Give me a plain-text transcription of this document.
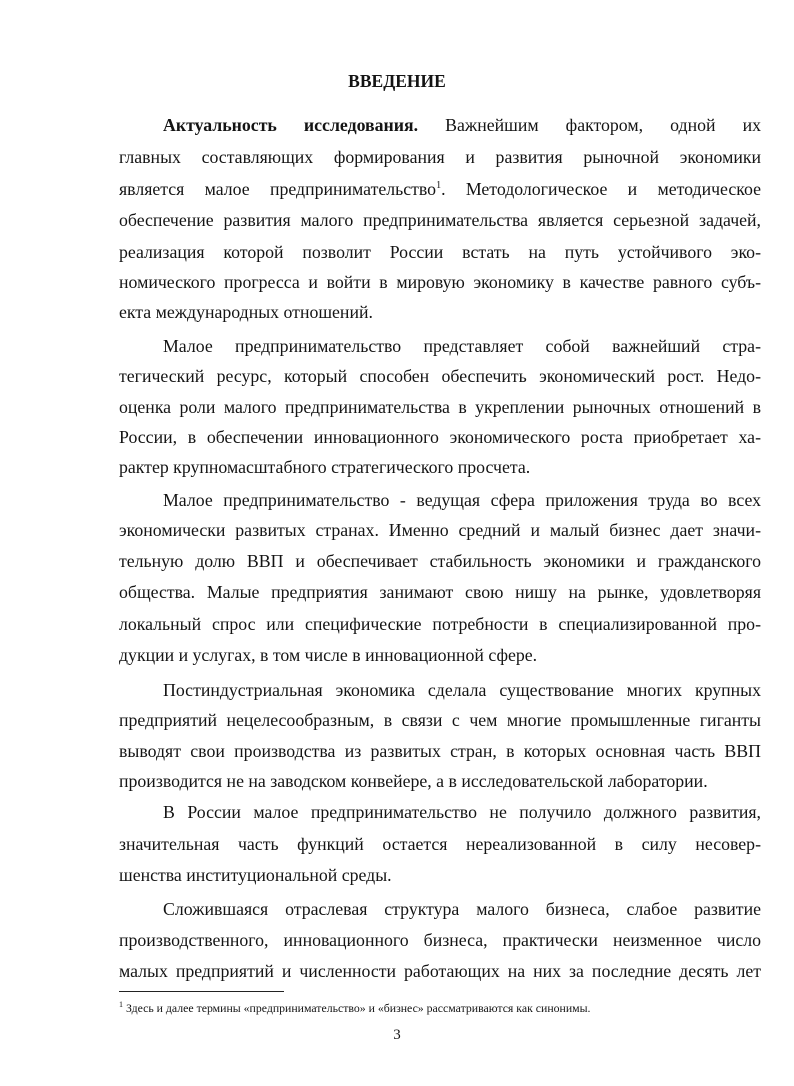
ВВЕДЕНИЕ
Актуальность исследования. Важнейшим фактором, одной их
главных составляющих формирования и развития рыночной экономики
является малое предпринимательство$^1$. Методологическое и методическое
обеспечение развития малого предпринимательства является серьезной задачей,
реализация которой позволит России встать на путь устойчивого эко-
номического прогресса и войти в мировую экономику в качестве равного субъ-
екта международных отношений.
Малое предпринимательство представляет собой важнейший стра-
тегический ресурс, который способен обеспечить экономический рост. Недо-
оценка роли малого предпринимательства в укреплении рыночных отношений в
России, в обеспечении инновационного экономического роста приобретает ха-
рактер крупномасштабного стратегического просчета.
Малое предпринимательство - ведущая сфера приложения труда во всех
экономически развитых странах. Именно средний и малый бизнес дает значи-
тельную долю ВВП и обеспечивает стабильность экономики и гражданского
общества. Малые предприятия занимают свою нишу на рынке, удовлетворяя
локальный спрос или специфические потребности в специализированной про-
дукции и услугах, в том числе в инновационной сфере.
Постиндустриальная экономика сделала существование многих крупных
предприятий нецелесообразным, в связи с чем многие промышленные гиганты
выводят свои производства из развитых стран, в которых основная часть ВВП
производится не на заводском конвейере, а в исследовательской лаборатории.
В России малое предпринимательство не получило должного развития,
значительная часть функций остается нереализованной в силу несовер-
шенства институциональной среды.
Сложившаяся отраслевая структура малого бизнеса, слабое развитие
производственного, инновационного бизнеса, практически неизменное число
малых предприятий и численности работающих на них за последние десять лет
$^1$ Здесь и далее термины «предпринимательство» и «бизнес» рассматриваются как синонимы.
3
